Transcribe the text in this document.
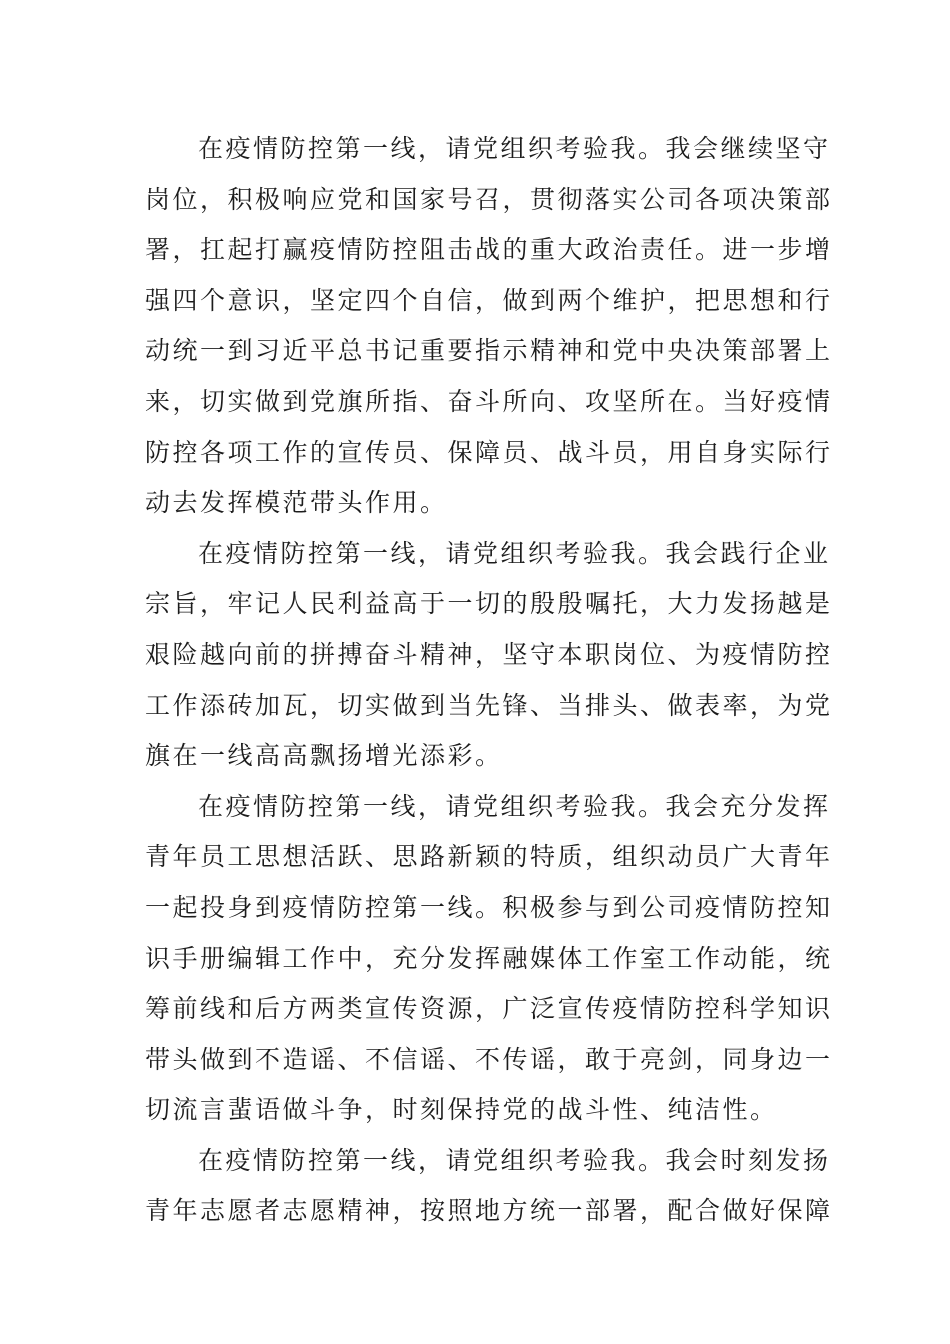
在疫情防控第一线，请党组织考验我。我会继续坚守
岗位，积极响应党和国家号召，贯彻落实公司各项决策部
署，扛起打赢疫情防控阻击战的重大政治责任。进一步增
强四个意识，坚定四个自信，做到两个维护，把思想和行
动统一到习近平总书记重要指示精神和党中央决策部署上
来，切实做到党旗所指、奋斗所向、攻坚所在。当好疫情
防控各项工作的宣传员、保障员、战斗员，用自身实际行
动去发挥模范带头作用。
在疫情防控第一线，请党组织考验我。我会践行企业
宗旨，牢记人民利益高于一切的殷殷嘱托，大力发扬越是
艰险越向前的拼搏奋斗精神，坚守本职岗位、为疫情防控
工作添砖加瓦，切实做到当先锋、当排头、做表率，为党
旗在一线高高飘扬增光添彩。
在疫情防控第一线，请党组织考验我。我会充分发挥
青年员工思想活跃、思路新颖的特质，组织动员广大青年
一起投身到疫情防控第一线。积极参与到公司疫情防控知
识手册编辑工作中，充分发挥融媒体工作室工作动能，统
筹前线和后方两类宣传资源，广泛宣传疫情防控科学知识
带头做到不造谣、不信谣、不传谣，敢于亮剑，同身边一
切流言蜚语做斗争，时刻保持党的战斗性、纯洁性。
在疫情防控第一线，请党组织考验我。我会时刻发扬
青年志愿者志愿精神，按照地方统一部署，配合做好保障
